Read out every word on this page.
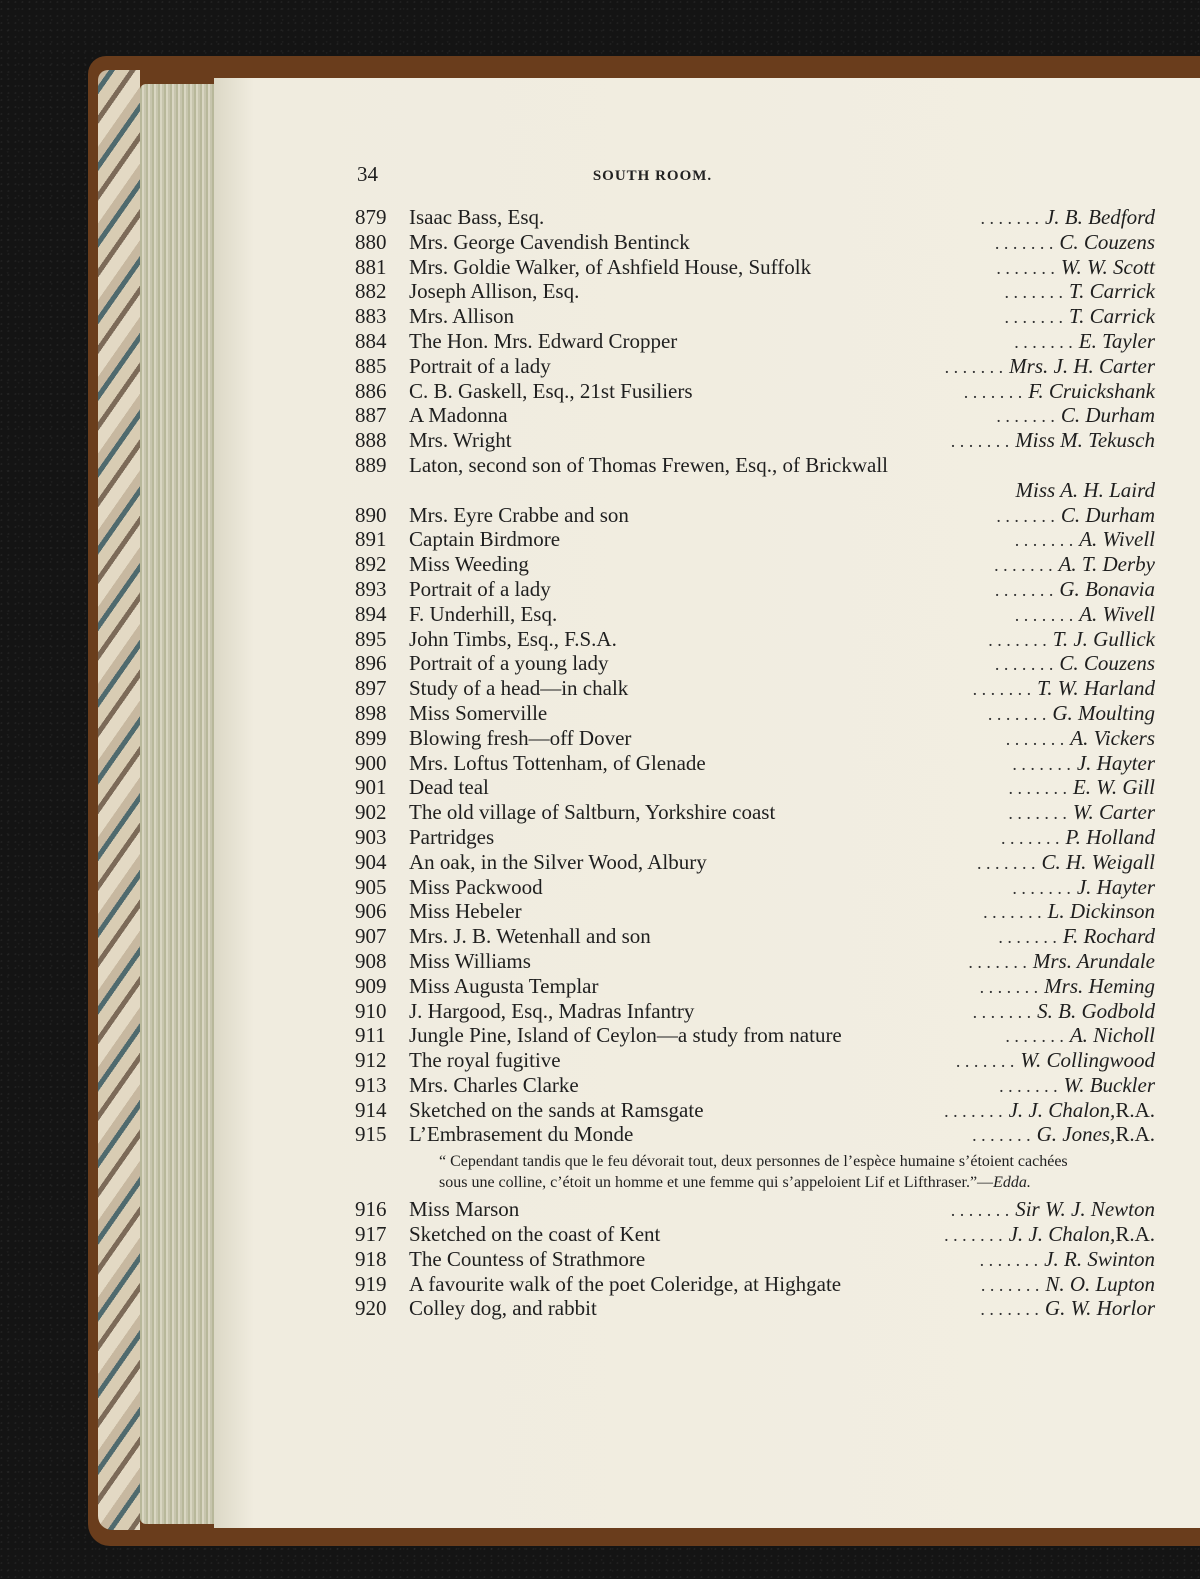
34	SOUTH ROOM.
879	Isaac Bass, Esq.	. . . . . . . J. B. Bedford
880	Mrs. George Cavendish Bentinck	. . . . . . . C. Couzens
881	Mrs. Goldie Walker, of Ashfield House, Suffolk	. . . . . . . W. W. Scott
882	Joseph Allison, Esq.	. . . . . . . T. Carrick
883	Mrs. Allison	. . . . . . . T. Carrick
884	The Hon. Mrs. Edward Cropper	. . . . . . . E. Tayler
885	Portrait of a lady	. . . . . . . Mrs. J. H. Carter
886	C. B. Gaskell, Esq., 21st Fusiliers	. . . . . . . F. Cruickshank
887	A Madonna	. . . . . . . C. Durham
888	Mrs. Wright	. . . . . . . Miss M. Tekusch
889	Laton, second son of Thomas Frewen, Esq., of Brickwall
Miss A. H. Laird
890	Mrs. Eyre Crabbe and son	. . . . . . . C. Durham
891	Captain Birdmore	. . . . . . . A. Wivell
892	Miss Weeding	. . . . . . . A. T. Derby
893	Portrait of a lady	. . . . . . . G. Bonavia
894	F. Underhill, Esq.	. . . . . . . A. Wivell
895	John Timbs, Esq., F.S.A.	. . . . . . . T. J. Gullick
896	Portrait of a young lady	. . . . . . . C. Couzens
897	Study of a head—in chalk	. . . . . . . T. W. Harland
898	Miss Somerville	. . . . . . . G. Moulting
899	Blowing fresh—off Dover	. . . . . . . A. Vickers
900	Mrs. Loftus Tottenham, of Glenade	. . . . . . . J. Hayter
901	Dead teal	. . . . . . . E. W. Gill
902	The old village of Saltburn, Yorkshire coast	. . . . . . . W. Carter
903	Partridges	. . . . . . . P. Holland
904	An oak, in the Silver Wood, Albury	. . . . . . . C. H. Weigall
905	Miss Packwood	. . . . . . . J. Hayter
906	Miss Hebeler	. . . . . . . L. Dickinson
907	Mrs. J. B. Wetenhall and son	. . . . . . . F. Rochard
908	Miss Williams	. . . . . . . Mrs. Arundale
909	Miss Augusta Templar	. . . . . . . Mrs. Heming
910	J. Hargood, Esq., Madras Infantry	. . . . . . . S. B. Godbold
911	Jungle Pine, Island of Ceylon—a study from nature	. . . . . . . A. Nicholl
912	The royal fugitive	. . . . . . . W. Collingwood
913	Mrs. Charles Clarke	. . . . . . . W. Buckler
914	Sketched on the sands at Ramsgate	. . . . . . . J. J. Chalon, R.A.
915	L’Embrasement du Monde	. . . . . . . G. Jones, R.A.
“ Cependant tandis que le feu dévorait tout, deux personnes de l’espèce humaine s’étoient cachées sous une colline, c’étoit un homme et une femme qui s’appeloient Lif et Lifthraser.”—Edda.
916	Miss Marson	. . . . . . . Sir W. J. Newton
917	Sketched on the coast of Kent	. . . . . . . J. J. Chalon, R.A.
918	The Countess of Strathmore	. . . . . . . J. R. Swinton
919	A favourite walk of the poet Coleridge, at Highgate	. . . . . . . N. O. Lupton
920	Colley dog, and rabbit	. . . . . . . G. W. Horlor
